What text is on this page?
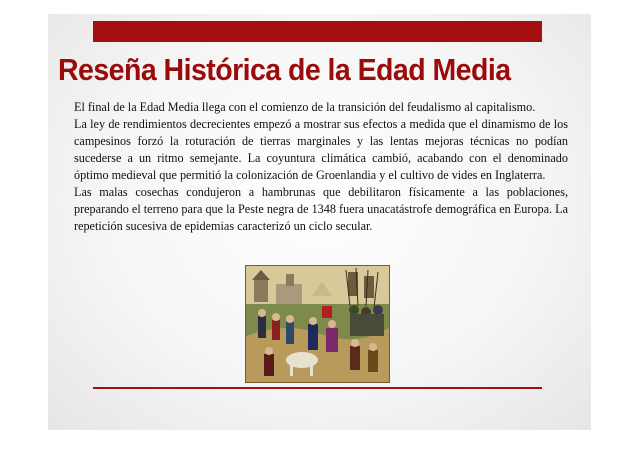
Reseña Histórica de la Edad Media

El final de la Edad Media llega con el comienzo de la transición del feudalismo al capitalismo.

La ley de rendimientos decrecientes empezó a mostrar sus efectos a medida que el dinamismo de los campesinos forzó la roturación de tierras marginales y las lentas mejoras técnicas no podían sucederse a un ritmo semejante. La coyuntura climática cambió, acabando con el denominado óptimo medieval que permitió la colonización de Groenlandia y el cultivo de vides en Inglaterra.

Las malas cosechas condujeron a hambrunas que debilitaron físicamente a las poblaciones, preparando el terreno para que la Peste negra de 1348 fuera unacatástrofe demográfica en Europa. La repetición sucesiva de epidemias caracterizó un ciclo secular.
